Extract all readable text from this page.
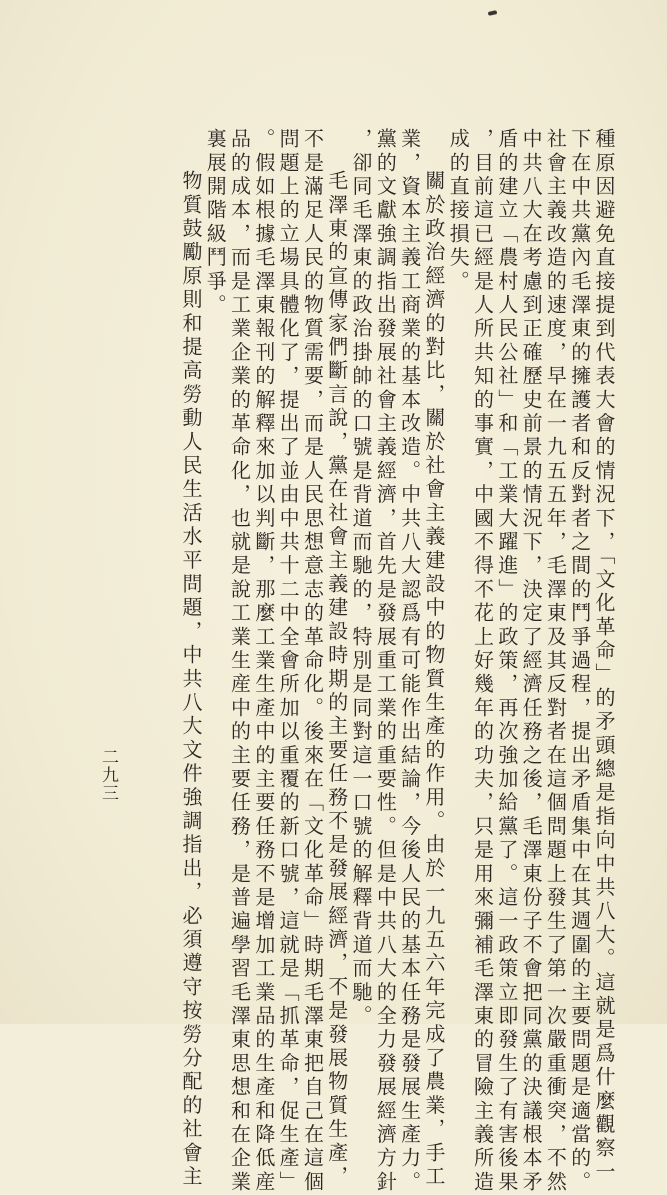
種原因避免直接提到代表大會的情況下，「文化革命」的矛頭總是指向中共八大。這就是爲什麼觀察一
下在中共黨內毛澤東的擁護者和反對者之間的鬥爭過程，提出矛盾集中在其週圍的主要問題是適當的。
社會主義改造的速度，早在一九五五年，毛澤東及其反對者在這個問題上發生了第一次嚴重衝突，不然
中共八大在考慮到正確歷史前景的情況下，決定了經濟任務之後，毛澤東份子不會把同黨的決議根本矛
盾的建立「農村人民公社」和「工業大躍進」的政策，再次強加給黨了。這一政策立即發生了有害後果
，目前這已經是人所共知的事實，中國不得不花上好幾年的功夫，只是用來彌補毛澤東的冒險主義所造
成的直接損失。
關於政治經濟的對比，關於社會主義建設中的物質生產的作用。由於一九五六年完成了農業，手工
業，資本主義工商業的基本改造。中共八大認爲有可能作出結論，今後人民的基本任務是發展生產力。
黨的文獻強調指出發展社會主義經濟，首先是發展重工業的重要性。但是中共八大的全力發展經濟方針
，卻同毛澤東的政治掛帥的口號是背道而馳的，特別是同對這一口號的解釋背道而馳。
毛澤東的宣傳家們斷言說，黨在社會主義建設時期的主要任務不是發展經濟，不是發展物質生產，
不是滿足人民的物質需要，而是人民思想意志的革命化。後來在「文化革命」時期毛澤東把自己在這個
問題上的立場具體化了，提出了並由中共十二中全會所加以重覆的新口號，這就是「抓革命，促生產」
。假如根據毛澤東報刊的解釋來加以判斷，那麼工業生產中的主要任務不是增加工業品的生產和降低産
品的成本，而是工業企業的革命化，也就是說工業生産中的主要任務，是普遍學習毛澤東思想和在企業
裏展開階級鬥爭。
物質鼓勵原則和提高勞動人民生活水平問題，中共八大文件強調指出，必須遵守按勞分配的社會主
二九三
